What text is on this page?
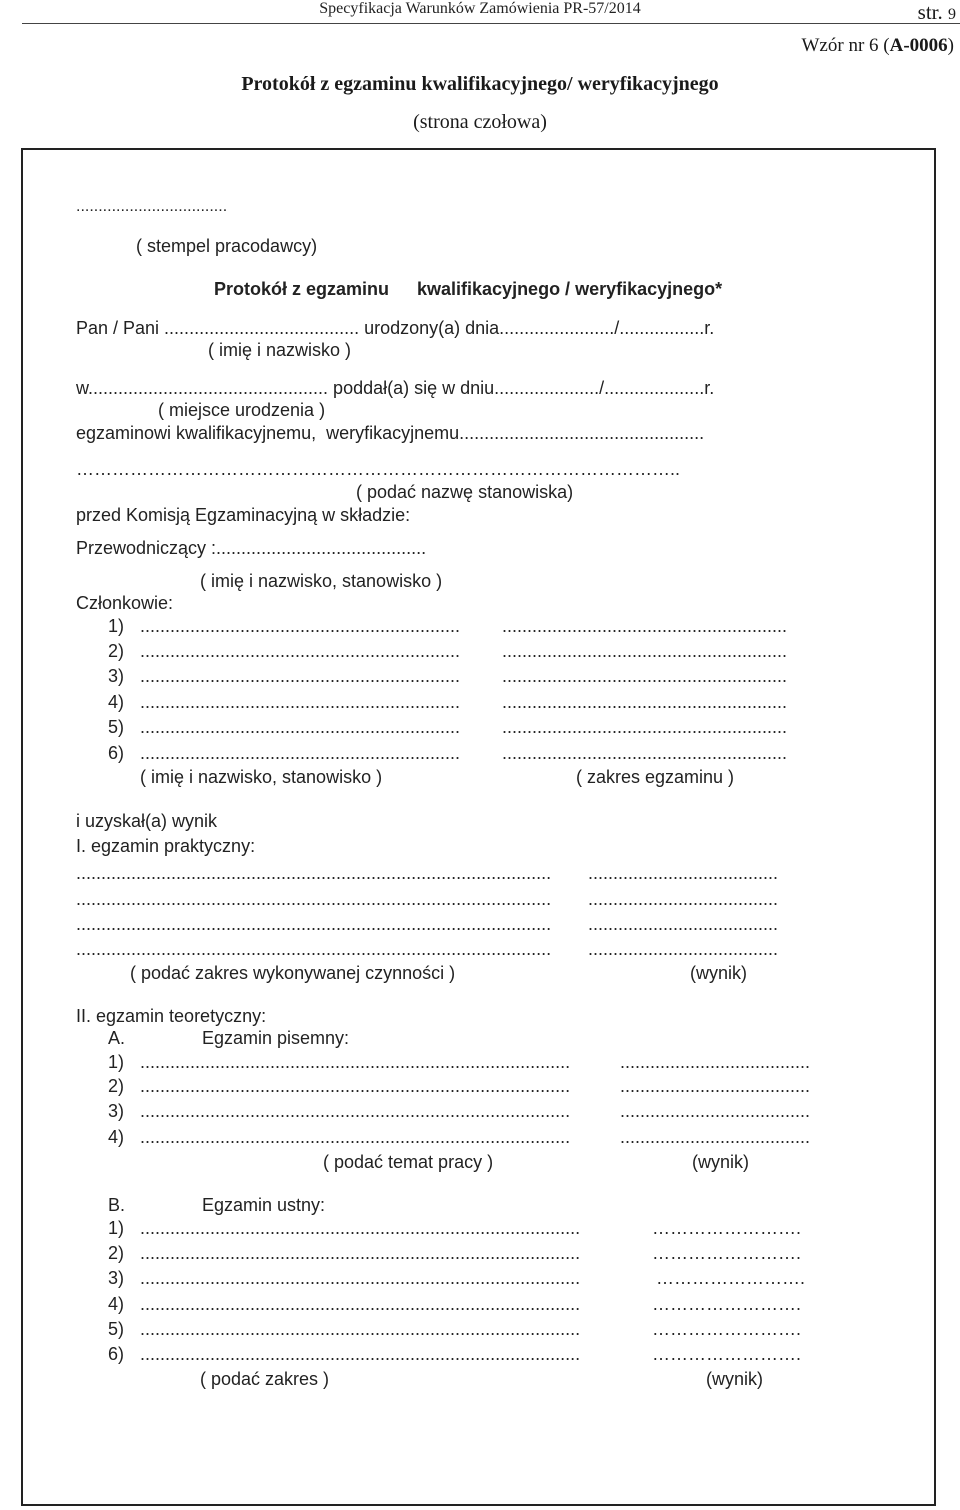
Specyfikacja Warunków Zamówienia PR-57/2014	str. 9
Wzór nr 6 (A-0006)
Protokół z egzaminu kwalifikacyjnego/ weryfikacyjnego
(strona czołowa)
..................................
( stempel pracodawcy)
Protokół z egzaminu kwalifikacyjnego / weryfikacyjnego*
Pan / Pani ....................................... urodzony(a) dnia......................./.................r.
( imię i nazwisko )
w................................................ poddał(a) się w dniu...................../....................r.
( miejsce urodzenia )
egzaminowi kwalifikacyjnemu,  weryfikacyjnemu.................................................
………………………………………………………………………………………..
( podać nazwę stanowiska)
przed Komisją Egzaminacyjną w składzie:
Przewodniczący :..........................................
( imię i nazwisko, stanowisko )
Członkowie:
1) ................................................................ .........................................................
2) ................................................................ .........................................................
3) ................................................................ .........................................................
4) ................................................................ .........................................................
5) ................................................................ .........................................................
6) ................................................................ .........................................................
( imię i nazwisko, stanowisko )	( zakres egzaminu )
i uzyskał(a) wynik
I. egzamin praktyczny:
............................................................................................... ......................................
............................................................................................... ......................................
............................................................................................... ......................................
............................................................................................... ......................................
( podać zakres wykonywanej czynności )	(wynik)
II. egzamin teoretyczny:
A.	Egzamin pisemny:
1) ......................................................................................	......................................
2) ......................................................................................	......................................
3) ......................................................................................	......................................
4) ......................................................................................	......................................
( podać temat pracy )	(wynik)
B.	Egzamin ustny:
1) ........................................................................................	…………………….
2) ........................................................................................	…………………….
3) ........................................................................................	…………………….
4) ........................................................................................	…………………….
5) ........................................................................................	…………………….
6) ........................................................................................	…………………….
( podać zakres )	(wynik)
